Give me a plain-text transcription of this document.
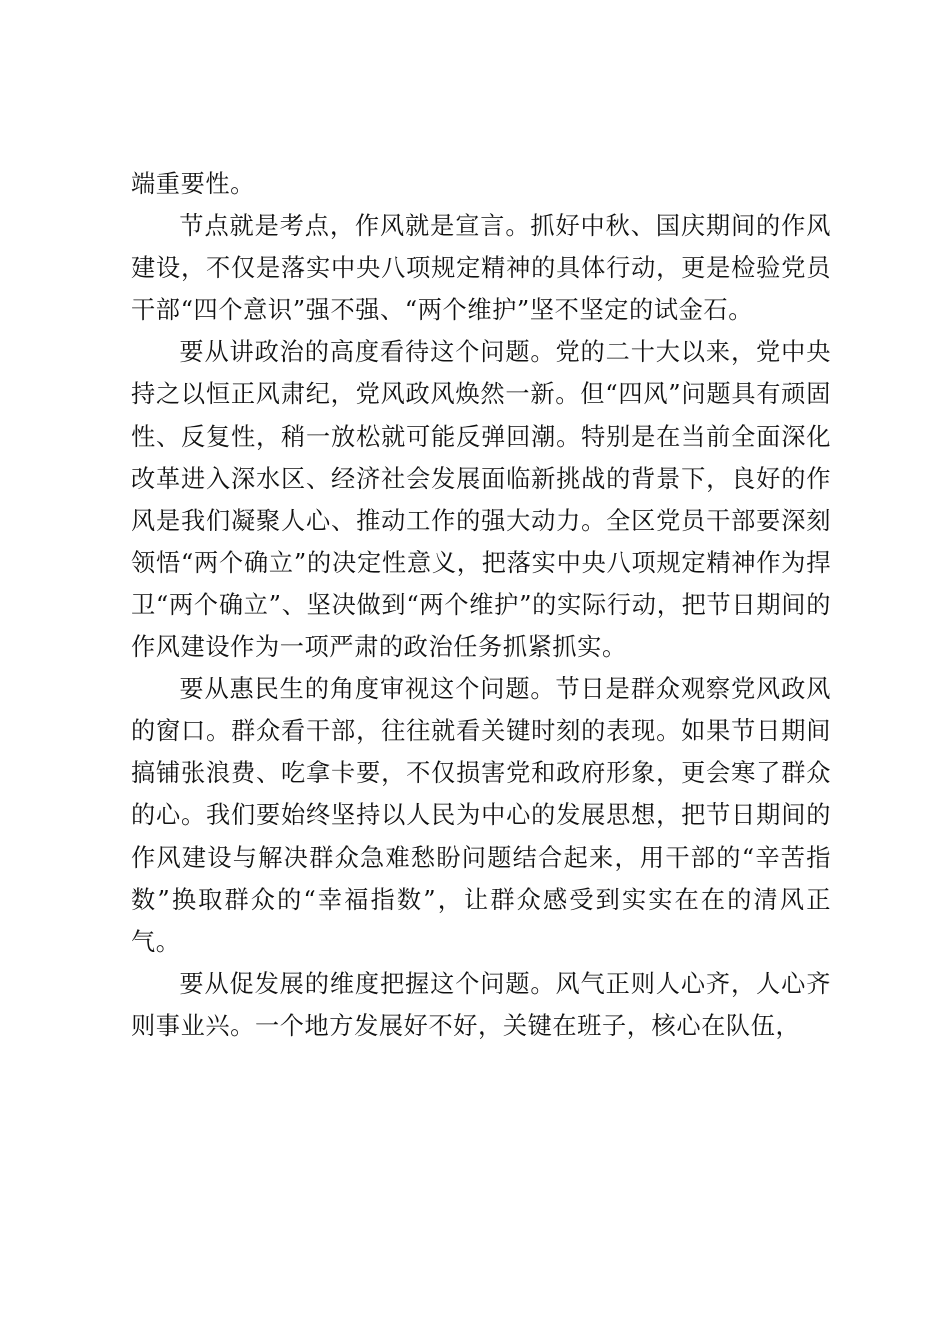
端重要性。

节点就是考点，作风就是宣言。抓好中秋、国庆期间的作风建设，不仅是落实中央八项规定精神的具体行动，更是检验党员干部“四个意识”强不强、“两个维护”坚不坚定的试金石。

要从讲政治的高度看待这个问题。党的二十大以来，党中央持之以恒正风肃纪，党风政风焕然一新。但“四风”问题具有顽固性、反复性，稍一放松就可能反弹回潮。特别是在当前全面深化改革进入深水区、经济社会发展面临新挑战的背景下，良好的作风是我们凝聚人心、推动工作的强大动力。全区党员干部要深刻领悟“两个确立”的决定性意义，把落实中央八项规定精神作为捍卫“两个确立”、坚决做到“两个维护”的实际行动，把节日期间的作风建设作为一项严肃的政治任务抓紧抓实。

要从惠民生的角度审视这个问题。节日是群众观察党风政风的窗口。群众看干部，往往就看关键时刻的表现。如果节日期间搞铺张浪费、吃拿卡要，不仅损害党和政府形象，更会寒了群众的心。我们要始终坚持以人民为中心的发展思想，把节日期间的作风建设与解决群众急难愁盼问题结合起来，用干部的“辛苦指数”换取群众的“幸福指数”，让群众感受到实实在在的清风正气。

要从促发展的维度把握这个问题。风气正则人心齐，人心齐则事业兴。一个地方发展好不好，关键在班子，核心在队伍，
